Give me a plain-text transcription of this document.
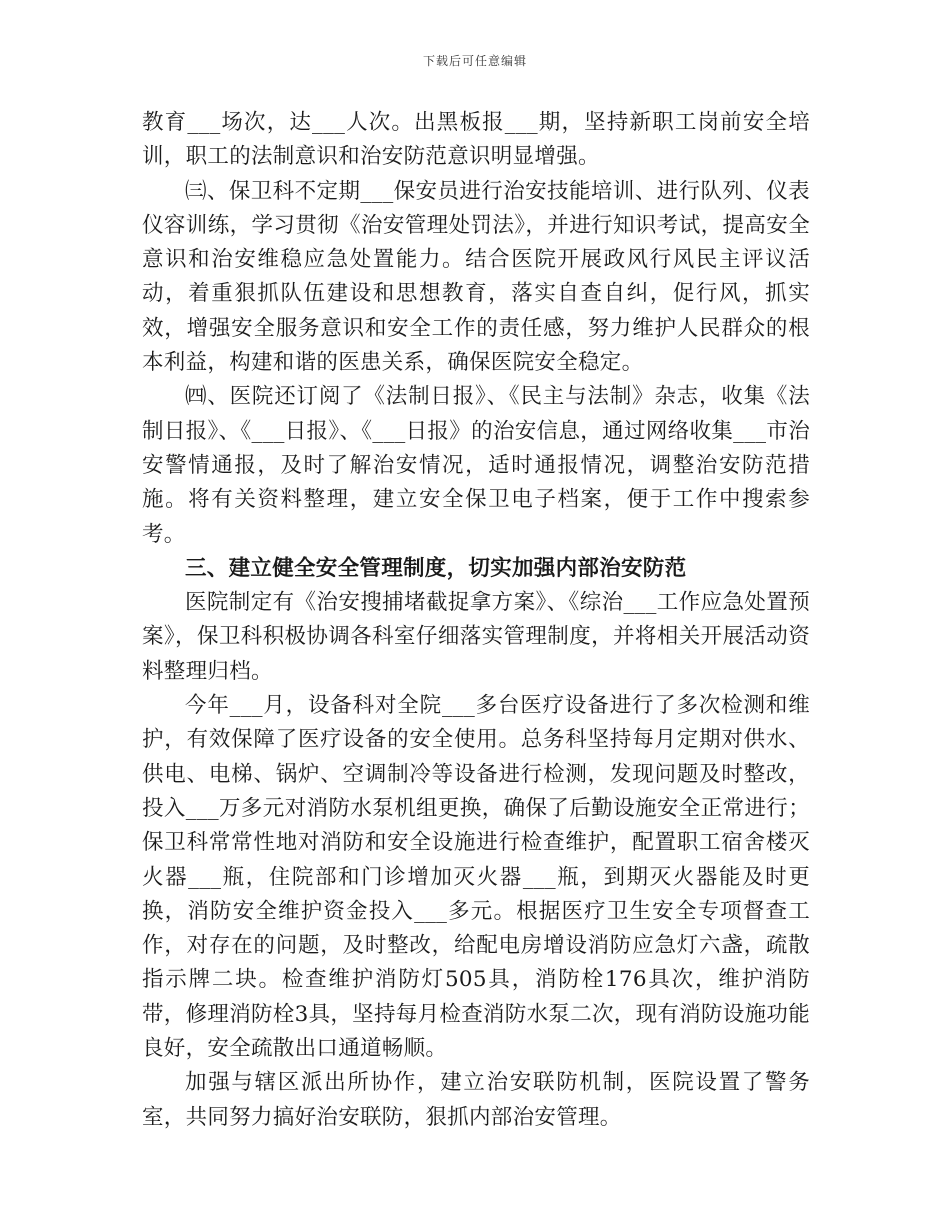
下载后可任意编辑

教育___场次，达___人次。出黑板报___期，坚持新职工岗前安全培训，职工的法制意识和治安防范意识明显增强。

㈢、保卫科不定期___保安员进行治安技能培训、进行队列、仪表仪容训练，学习贯彻《治安管理处罚法》，并进行知识考试，提高安全意识和治安维稳应急处置能力。结合医院开展政风行风民主评议活动，着重狠抓队伍建设和思想教育，落实自查自纠，促行风，抓实效，增强安全服务意识和安全工作的责任感，努力维护人民群众的根本利益，构建和谐的医患关系，确保医院安全稳定。

㈣、医院还订阅了《法制日报》、《民主与法制》杂志，收集《法制日报》、《___日报》、《___日报》的治安信息，通过网络收集___市治安警情通报，及时了解治安情况，适时通报情况，调整治安防范措施。将有关资料整理，建立安全保卫电子档案，便于工作中搜索参考。

三、建立健全安全管理制度，切实加强内部治安防范

医院制定有《治安搜捕堵截捉拿方案》、《综治___工作应急处置预案》，保卫科积极协调各科室仔细落实管理制度，并将相关开展活动资料整理归档。

今年___月，设备科对全院___多台医疗设备进行了多次检测和维护，有效保障了医疗设备的安全使用。总务科坚持每月定期对供水、供电、电梯、锅炉、空调制冷等设备进行检测，发现问题及时整改，投入___万多元对消防水泵机组更换，确保了后勤设施安全正常进行；保卫科常常性地对消防和安全设施进行检查维护，配置职工宿舍楼灭火器___瓶，住院部和门诊增加灭火器___瓶，到期灭火器能及时更换，消防安全维护资金投入___多元。根据医疗卫生安全专项督查工作，对存在的问题，及时整改，给配电房增设消防应急灯六盏，疏散指示牌二块。检查维护消防灯505具，消防栓176具次，维护消防带，修理消防栓3具，坚持每月检查消防水泵二次，现有消防设施功能良好，安全疏散出口通道畅顺。

加强与辖区派出所协作，建立治安联防机制，医院设置了警务室，共同努力搞好治安联防，狠抓内部治安管理。
